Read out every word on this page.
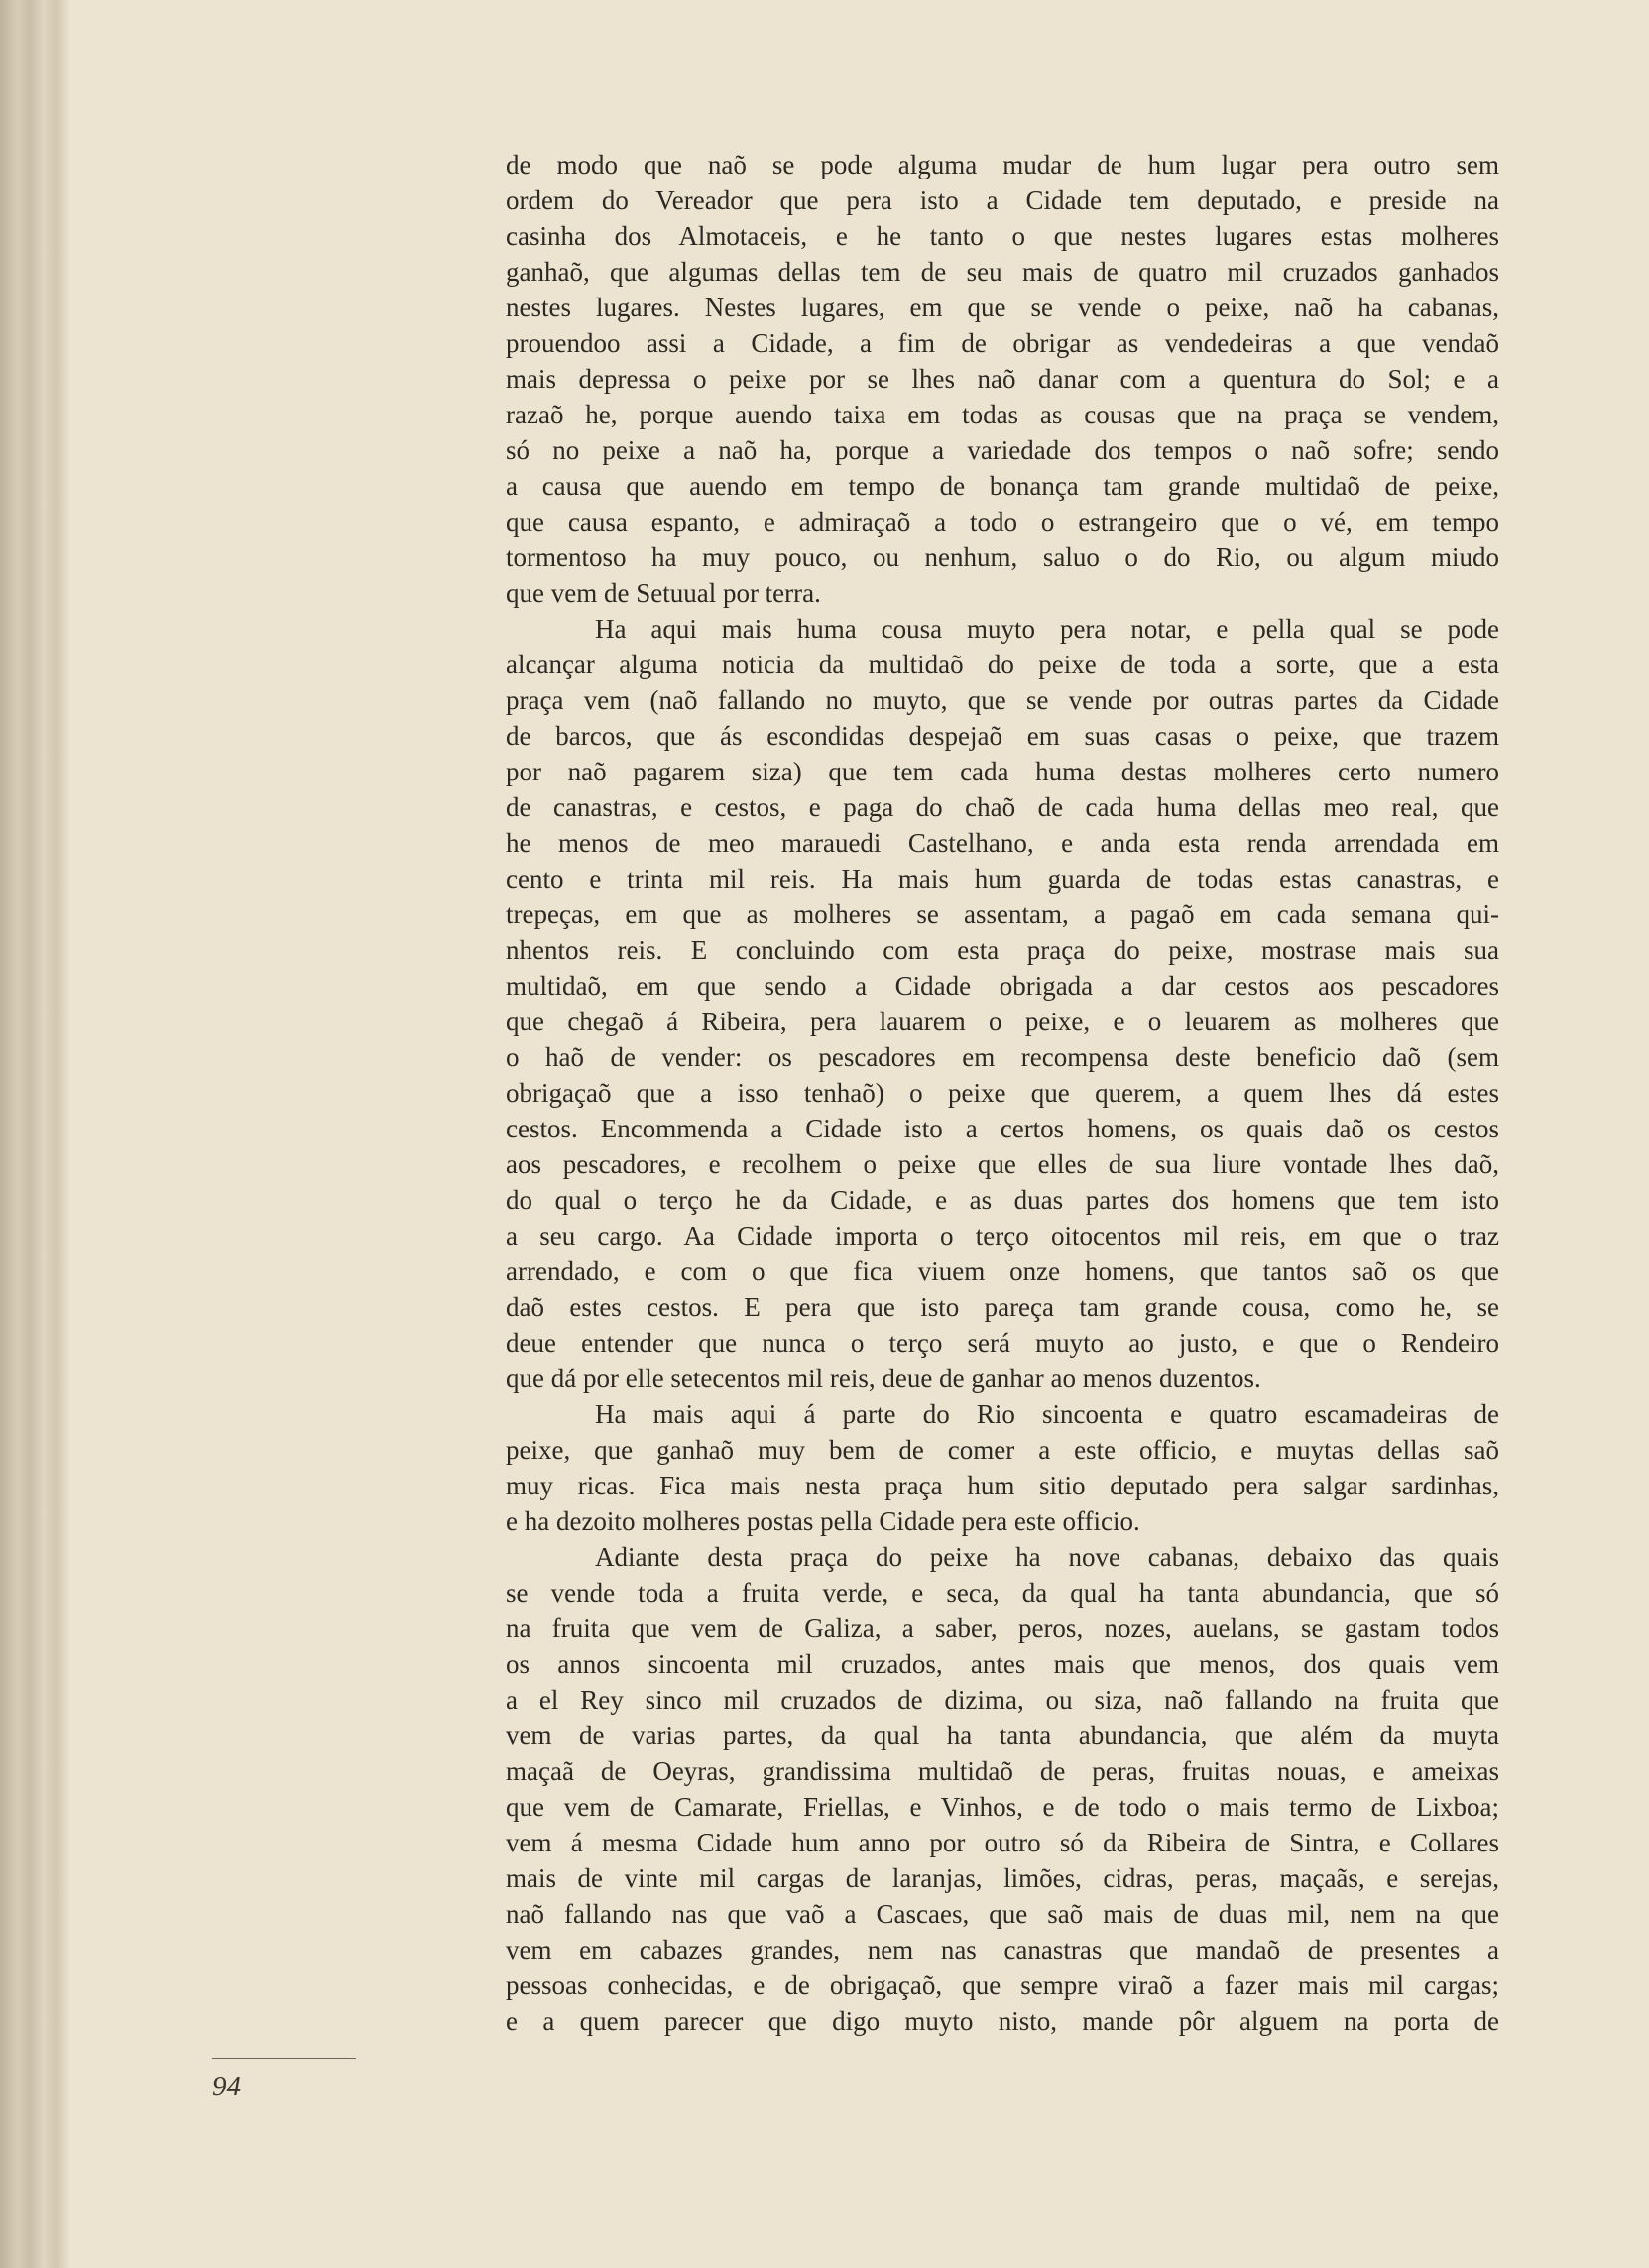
de modo que naõ se pode alguma mudar de hum lugar pera outro sem
ordem do Vereador que pera isto a Cidade tem deputado, e preside na
casinha dos Almotaceis, e he tanto o que nestes lugares estas molheres
ganhaõ, que algumas dellas tem de seu mais de quatro mil cruzados ganhados
nestes lugares. Nestes lugares, em que se vende o peixe, naõ ha cabanas,
prouendoo assi a Cidade, a fim de obrigar as vendedeiras a que vendaõ
mais depressa o peixe por se lhes naõ danar com a quentura do Sol; e a
razaõ he, porque auendo taixa em todas as cousas que na praça se vendem,
só no peixe a naõ ha, porque a variedade dos tempos o naõ sofre; sendo
a causa que auendo em tempo de bonança tam grande multidaõ de peixe,
que causa espanto, e admiraçaõ a todo o estrangeiro que o vé, em tempo
tormentoso ha muy pouco, ou nenhum, saluo o do Rio, ou algum miudo
que vem de Setuual por terra.
Ha aqui mais huma cousa muyto pera notar, e pella qual se pode
alcançar alguma noticia da multidaõ do peixe de toda a sorte, que a esta
praça vem (naõ fallando no muyto, que se vende por outras partes da Cidade
de barcos, que ás escondidas despejaõ em suas casas o peixe, que trazem
por naõ pagarem siza) que tem cada huma destas molheres certo numero
de canastras, e cestos, e paga do chaõ de cada huma dellas meo real, que
he menos de meo marauedi Castelhano, e anda esta renda arrendada em
cento e trinta mil reis. Ha mais hum guarda de todas estas canastras, e
trepeças, em que as molheres se assentam, a pagaõ em cada semana qui-
nhentos reis. E concluindo com esta praça do peixe, mostrase mais sua
multidaõ, em que sendo a Cidade obrigada a dar cestos aos pescadores
que chegaõ á Ribeira, pera lauarem o peixe, e o leuarem as molheres que
o haõ de vender: os pescadores em recompensa deste beneficio daõ (sem
obrigaçaõ que a isso tenhaõ) o peixe que querem, a quem lhes dá estes
cestos. Encommenda a Cidade isto a certos homens, os quais daõ os cestos
aos pescadores, e recolhem o peixe que elles de sua liure vontade lhes daõ,
do qual o terço he da Cidade, e as duas partes dos homens que tem isto
a seu cargo. Aa Cidade importa o terço oitocentos mil reis, em que o traz
arrendado, e com o que fica viuem onze homens, que tantos saõ os que
daõ estes cestos. E pera que isto pareça tam grande cousa, como he, se
deue entender que nunca o terço será muyto ao justo, e que o Rendeiro
que dá por elle setecentos mil reis, deue de ganhar ao menos duzentos.
Ha mais aqui á parte do Rio sincoenta e quatro escamadeiras de
peixe, que ganhaõ muy bem de comer a este officio, e muytas dellas saõ
muy ricas. Fica mais nesta praça hum sitio deputado pera salgar sardinhas,
e ha dezoito molheres postas pella Cidade pera este officio.
Adiante desta praça do peixe ha nove cabanas, debaixo das quais
se vende toda a fruita verde, e seca, da qual ha tanta abundancia, que só
na fruita que vem de Galiza, a saber, peros, nozes, auelans, se gastam todos
os annos sincoenta mil cruzados, antes mais que menos, dos quais vem
a el Rey sinco mil cruzados de dizima, ou siza, naõ fallando na fruita que
vem de varias partes, da qual ha tanta abundancia, que além da muyta
maçaã de Oeyras, grandissima multidaõ de peras, fruitas nouas, e ameixas
que vem de Camarate, Friellas, e Vinhos, e de todo o mais termo de Lixboa;
vem á mesma Cidade hum anno por outro só da Ribeira de Sintra, e Collares
mais de vinte mil cargas de laranjas, limões, cidras, peras, maçaãs, e serejas,
naõ fallando nas que vaõ a Cascaes, que saõ mais de duas mil, nem na que
vem em cabazes grandes, nem nas canastras que mandaõ de presentes a
pessoas conhecidas, e de obrigaçaõ, que sempre viraõ a fazer mais mil cargas;
e a quem parecer que digo muyto nisto, mande pôr alguem na porta de
94
